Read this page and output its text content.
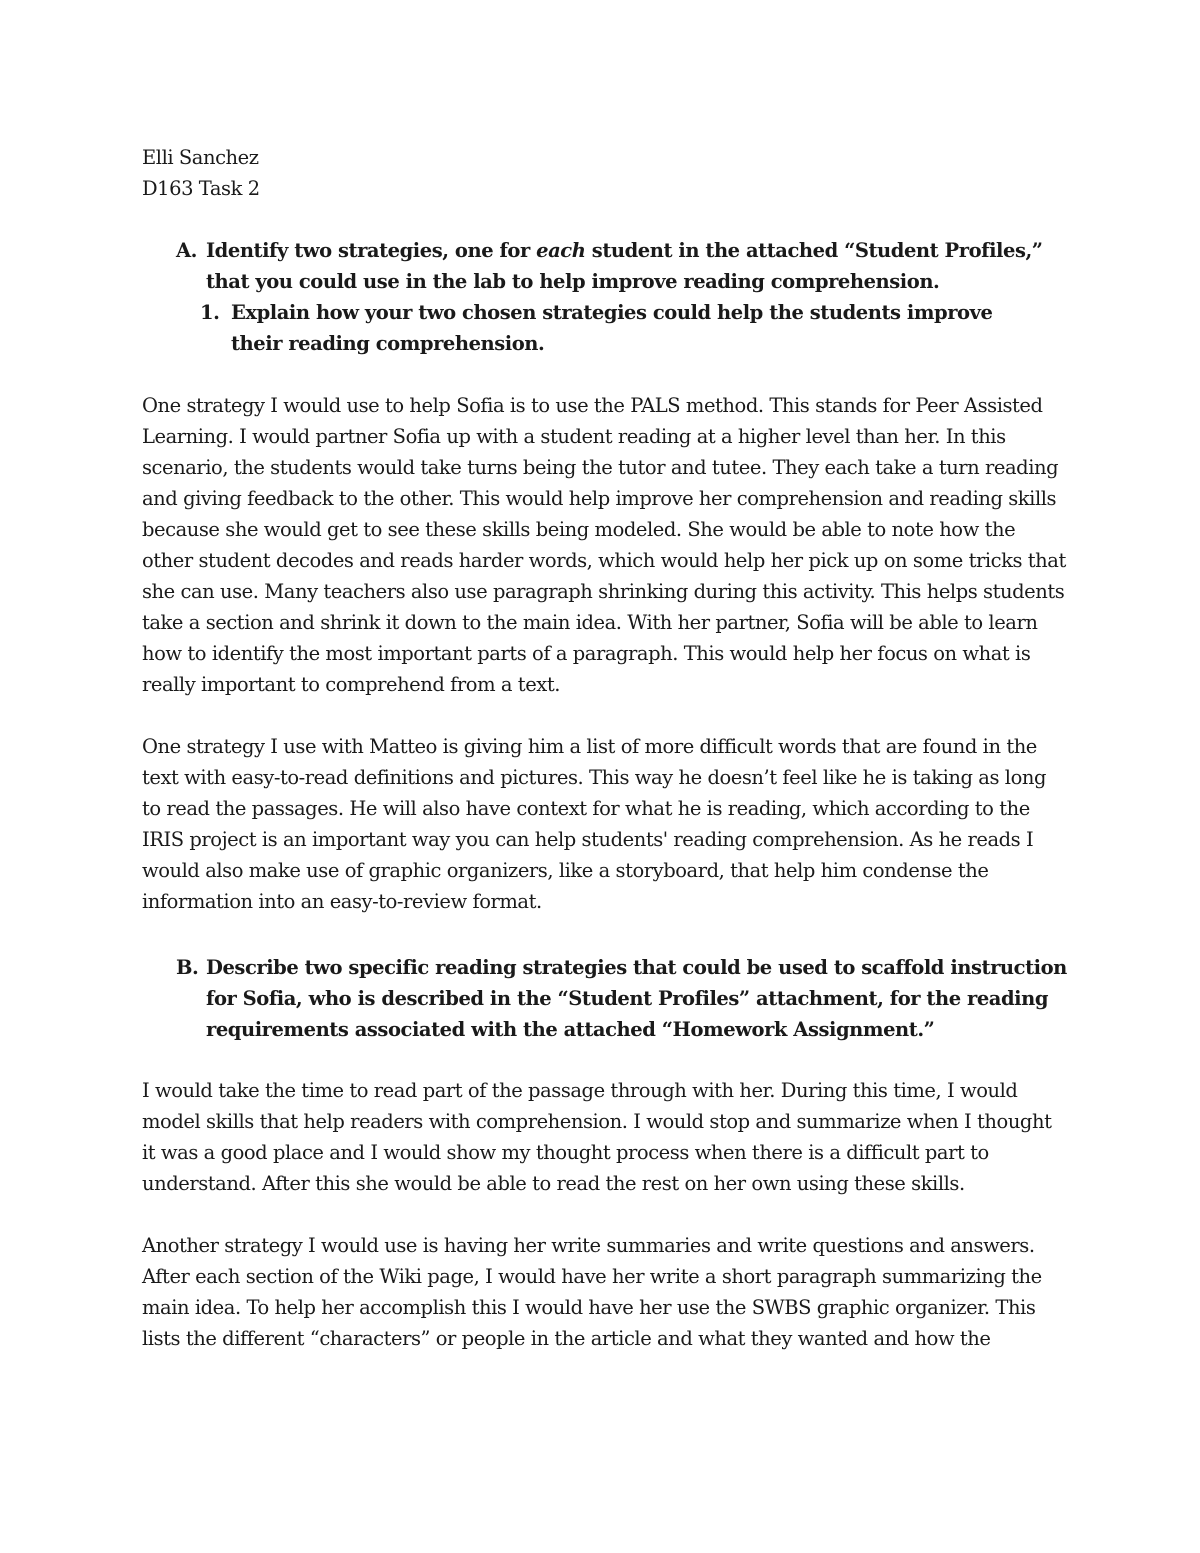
Elli Sanchez
D163 Task 2
A. Identify two strategies, one for each student in the attached “Student Profiles,” that you could use in the lab to help improve reading comprehension.

1. Explain how your two chosen strategies could help the students improve their reading comprehension.

One strategy I would use to help Sofia is to use the PALS method. This stands for Peer Assisted Learning. I would partner Sofia up with a student reading at a higher level than her. In this scenario, the students would take turns being the tutor and tutee. They each take a turn reading and giving feedback to the other. This would help improve her comprehension and reading skills because she would get to see these skills being modeled. She would be able to note how the other student decodes and reads harder words, which would help her pick up on some tricks that she can use. Many teachers also use paragraph shrinking during this activity. This helps students take a section and shrink it down to the main idea. With her partner, Sofia will be able to learn how to identify the most important parts of a paragraph. This would help her focus on what is really important to comprehend from a text.
One strategy I use with Matteo is giving him a list of more difficult words that are found in the text with easy-to-read definitions and pictures. This way he doesn’t feel like he is taking as long to read the passages. He will also have context for what he is reading, which according to the IRIS project is an important way you can help students' reading comprehension. As he reads I would also make use of graphic organizers, like a storyboard, that help him condense the information into an easy-to-review format.
B. Describe two specific reading strategies that could be used to scaffold instruction for Sofia, who is described in the “Student Profiles” attachment, for the reading requirements associated with the attached “Homework Assignment.”

I would take the time to read part of the passage through with her. During this time, I would model skills that help readers with comprehension. I would stop and summarize when I thought it was a good place and I would show my thought process when there is a difficult part to understand. After this she would be able to read the rest on her own using these skills.
Another strategy I would use is having her write summaries and write questions and answers. After each section of the Wiki page, I would have her write a short paragraph summarizing the main idea. To help her accomplish this I would have her use the SWBS graphic organizer. This lists the different “characters” or people in the article and what they wanted and how the
